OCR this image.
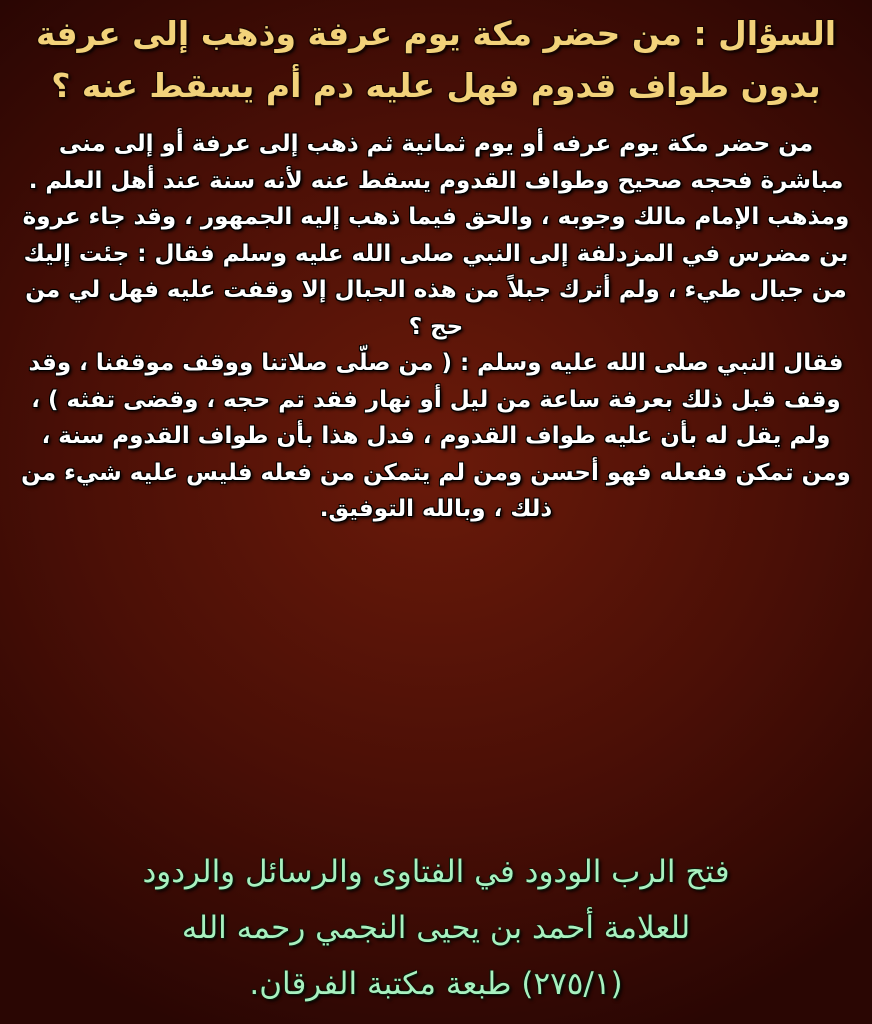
السؤال : من حضر مكة يوم عرفة وذهب إلى عرفة
بدون طواف قدوم فهل عليه دم أم يسقط عنه ؟

من حضر مكة يوم عرفه أو يوم ثمانية ثم ذهب إلى عرفة أو إلى منى مباشرة فحجه صحيح وطواف القدوم يسقط عنه لأنه سنة عند أهل العلم .

ومذهب الإمام مالك وجوبه ، والحق فيما ذهب إليه الجمهور ، وقد جاء عروة بن مضرس في المزدلفة إلى النبي صلى الله عليه وسلم فقال : جئت إليك من جبال طيء ، ولم أترك جبلاً من هذه الجبال إلا وقفت عليه فهل لي من حج ؟

فقال النبي صلى الله عليه وسلم : ( من صلّى صلاتنا ووقف موقفنا ، وقد وقف قبل ذلك بعرفة ساعة من ليل أو نهار فقد تم حجه ، وقضى تفثه ) ، ولم يقل له بأن عليه طواف القدوم ، فدل هذا بأن طواف القدوم سنة ، ومن تمكن ففعله فهو أحسن ومن لم يتمكن من فعله فليس عليه شيء من ذلك ، وبالله التوفيق.

فتح الرب الودود في الفتاوى والرسائل والردود
للعلامة أحمد بن يحيى النجمي رحمه الله
(٢٧٥/١) طبعة مكتبة الفرقان.
